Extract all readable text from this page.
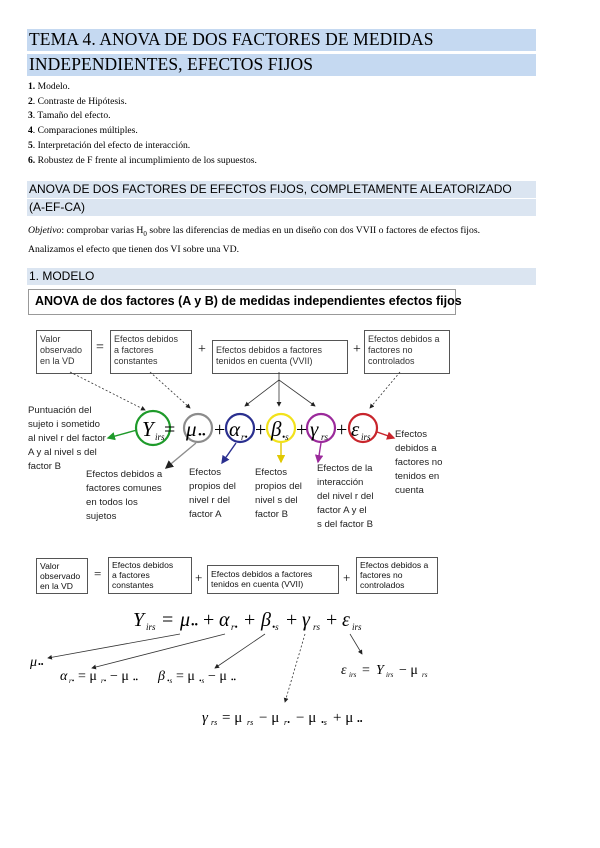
TEMA 4. ANOVA DE DOS FACTORES DE MEDIDAS
INDEPENDIENTES, EFECTOS FIJOS
1. Modelo.
2. Contraste de Hipótesis.
3. Tamaño del efecto.
4. Comparaciones múltiples.
5. Interpretación del efecto de interacción.
6. Robustez de F frente al incumplimiento de los supuestos.
ANOVA DE DOS FACTORES DE EFECTOS FIJOS, COMPLETAMENTE ALEATORIZADO
(A-EF-CA)
Objetivo: comprobar varias $H_0$ sobre las diferencias de medias en un diseño con dos VVII o factores de efectos fijos.
Analizamos el efecto que tienen dos VI sobre una VD.
1. MODELO
ANOVA de dos factores (A y B) de medidas independientes efectos fijos
Valor
observado
en la VD
=
Efectos debidos
a factores
constantes
+ Efectos debidos a factores
tenidos en cuenta (VVII)
+
Efectos debidos a
factores no
controlados
= + + + +
Y irs μ •• α r• β •s γ rs ε irs
Puntuación del
sujeto i sometido
al nivel r del factor
A y al nivel s del
factor B
Efectos debidos a
factores comunes
en todos los
sujetos
Efectos
propios del
nivel r del
factor A
Efectos
propios del
nivel s del
factor B
Efectos de la
interacción
del nivel r del
factor A y el
s del factor B
Efectos
debidos a
factores no
tenidos en
cuenta
Valor
observado
en la VD
=
Efectos debidos
a factores
constantes	+ Efectos debidos a factores
tenidos en cuenta (VVII)	+
Efectos debidos a
factores no
controlados
Y irs = μ •• + α r• + β •s + γ rs + ε irs
μ ••
α r• = μ r• − μ •• β •s = μ •s − μ ••
ε irs = Y irs − μ rs
γ rs = μ rs − μ r• − μ •s + μ ••
